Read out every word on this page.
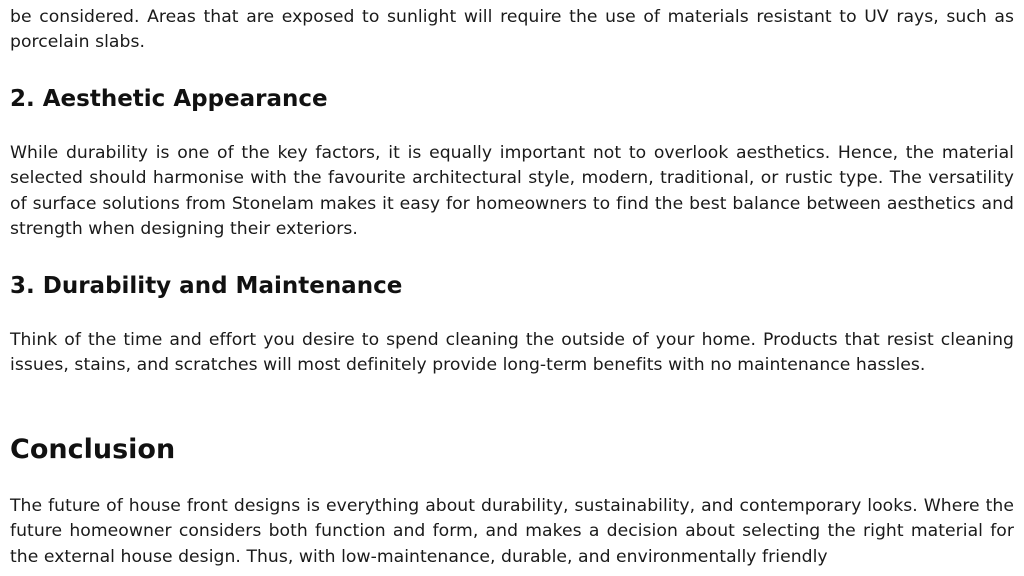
be considered. Areas that are exposed to sunlight will require the use of materials resistant to UV rays, such as porcelain slabs.

2. Aesthetic Appearance

While durability is one of the key factors, it is equally important not to overlook aesthetics. Hence, the material selected should harmonise with the favourite architectural style, modern, traditional, or rustic type. The versatility of surface solutions from Stonelam makes it easy for homeowners to find the best balance between aesthetics and strength when designing their exteriors.

3. Durability and Maintenance

Think of the time and effort you desire to spend cleaning the outside of your home. Products that resist cleaning issues, stains, and scratches will most definitely provide long-term benefits with no maintenance hassles.

Conclusion

The future of house front designs is everything about durability, sustainability, and contemporary looks. Where the future homeowner considers both function and form, and makes a decision about selecting the right material for the external house design. Thus, with low-maintenance, durable, and environmentally friendly
